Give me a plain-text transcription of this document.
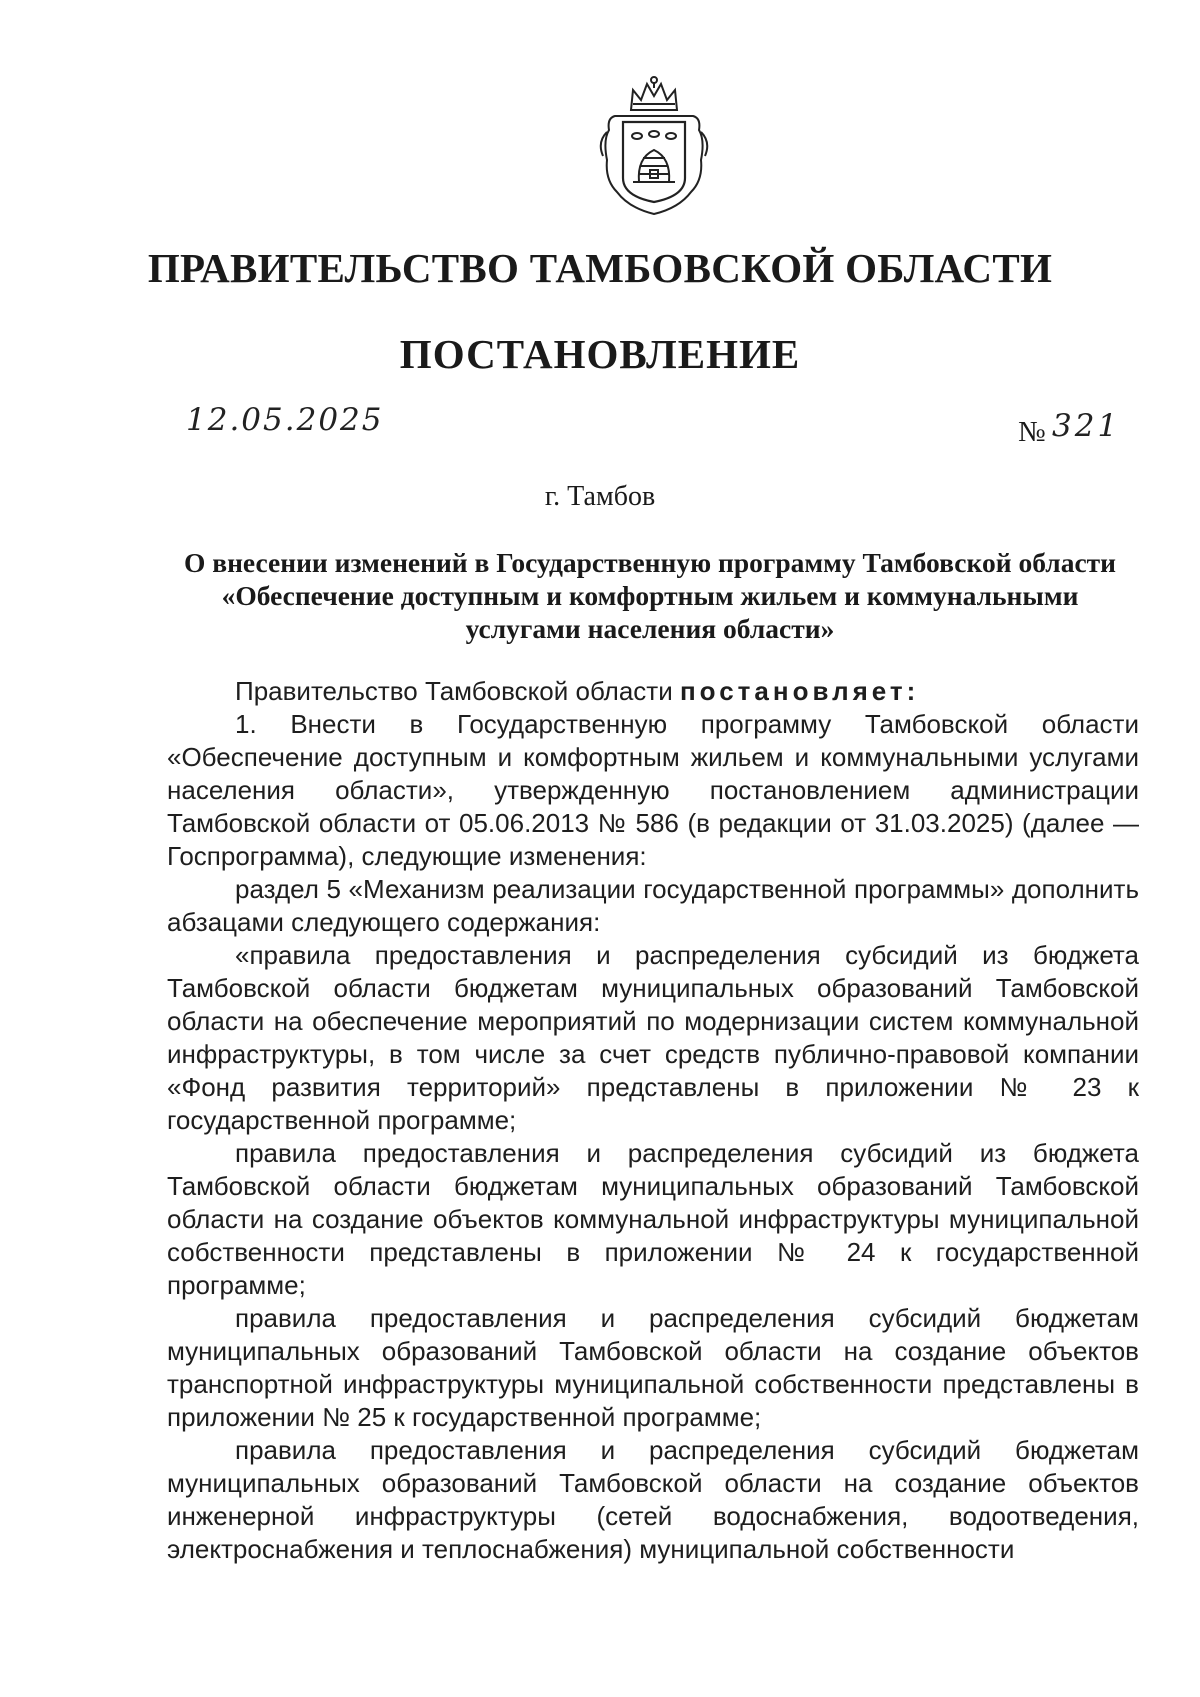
ПРАВИТЕЛЬСТВО ТАМБОВСКОЙ ОБЛАСТИ
ПОСТАНОВЛЕНИЕ
12.05.2025	№ 321
г. Тамбов
О внесении изменений в Государственную программу Тамбовской области
«Обеспечение доступным и комфортным жильем и коммунальными
услугами населения области»

Правительство Тамбовской области постановляет:

1. Внести в Государственную программу Тамбовской области «Обеспечение доступным и комфортным жильем и коммунальными услугами населения области», утвержденную постановлением администрации Тамбовской области от 05.06.2013 № 586 (в редакции от 31.03.2025) (далее — Госпрограмма), следующие изменения:

раздел 5 «Механизм реализации государственной программы» дополнить абзацами следующего содержания:

«правила предоставления и распределения субсидий из бюджета Тамбовской области бюджетам муниципальных образований Тамбовской области на обеспечение мероприятий по модернизации систем коммунальной инфраструктуры, в том числе за счет средств публично-правовой компании «Фонд развития территорий» представлены в приложении № 23 к государственной программе;

правила предоставления и распределения субсидий из бюджета Тамбовской области бюджетам муниципальных образований Тамбовской области на создание объектов коммунальной инфраструктуры муниципальной собственности представлены в приложении № 24 к государственной программе;

правила предоставления и распределения субсидий бюджетам муниципальных образований Тамбовской области на создание объектов транспортной инфраструктуры муниципальной собственности представлены в приложении № 25 к государственной программе;

правила предоставления и распределения субсидий бюджетам муниципальных образований Тамбовской области на создание объектов инженерной инфраструктуры (сетей водоснабжения, водоотведения, электроснабжения и теплоснабжения) муниципальной собственности
